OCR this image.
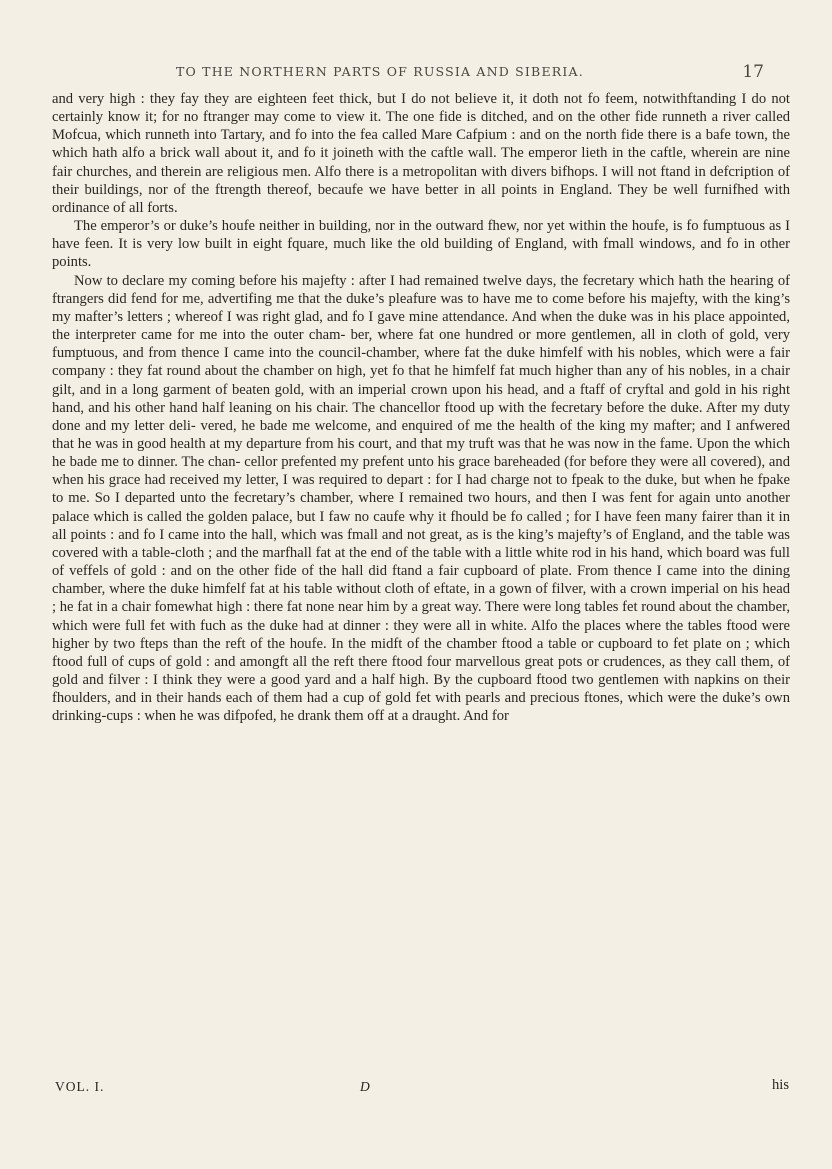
TO THE NORTHERN PARTS OF RUSSIA AND SIBERIA.	17

and very high : they fay they are eighteen feet thick, but I do not believe it, it doth not fo feem, notwithftanding I do not certainly know it; for no ftranger may come to view it. The one fide is ditched, and on the other fide runneth a river called Mofcua, which runneth into Tartary, and fo into the fea called Mare Cafpium : and on the north fide there is a bafe town, the which hath alfo a brick wall about it, and fo it joineth with the caftle wall. The emperor lieth in the caftle, wherein are nine fair churches, and therein are religious men. Alfo there is a metropolitan with divers bifhops. I will not ftand in defcription of their buildings, nor of the ftrength thereof, becaufe we have better in all points in England. They be well furnifhed with ordinance of all forts.

The emperor’s or duke’s houfe neither in building, nor in the outward fhew, nor yet within the houfe, is fo fumptuous as I have feen. It is very low built in eight fquare, much like the old building of England, with fmall windows, and fo in other points.

Now to declare my coming before his majefty : after I had remained twelve days, the fecretary which hath the hearing of ftrangers did fend for me, advertifing me that the duke’s pleafure was to have me to come before his majefty, with the king’s my mafter’s letters ; whereof I was right glad, and fo I gave mine attendance. And when the duke was in his place appointed, the interpreter came for me into the outer cham- ber, where fat one hundred or more gentlemen, all in cloth of gold, very fumptuous, and from thence I came into the council-chamber, where fat the duke himfelf with his nobles, which were a fair company : they fat round about the chamber on high, yet fo that he himfelf fat much higher than any of his nobles, in a chair gilt, and in a long garment of beaten gold, with an imperial crown upon his head, and a ftaff of cryftal and gold in his right hand, and his other hand half leaning on his chair. The chancellor ftood up with the fecretary before the duke. After my duty done and my letter deli- vered, he bade me welcome, and enquired of me the health of the king my mafter; and I anfwered that he was in good health at my departure from his court, and that my truft was that he was now in the fame. Upon the which he bade me to dinner. The chan- cellor prefented my prefent unto his grace bareheaded (for before they were all covered), and when his grace had received my letter, I was required to depart : for I had charge not to fpeak to the duke, but when he fpake to me. So I departed unto the fecretary’s chamber, where I remained two hours, and then I was fent for again unto another palace which is called the golden palace, but I faw no caufe why it fhould be fo called ; for I have feen many fairer than it in all points : and fo I came into the hall, which was fmall and not great, as is the king’s majefty’s of England, and the table was covered with a table-cloth ; and the marfhall fat at the end of the table with a little white rod in his hand, which board was full of veffels of gold : and on the other fide of the hall did ftand a fair cupboard of plate. From thence I came into the dining chamber, where the duke himfelf fat at his table without cloth of eftate, in a gown of filver, with a crown imperial on his head ; he fat in a chair fomewhat high : there fat none near him by a great way. There were long tables fet round about the chamber, which were full fet with fuch as the duke had at dinner : they were all in white. Alfo the places where the tables ftood were higher by two fteps than the reft of the houfe. In the midft of the chamber ftood a table or cupboard to fet plate on ; which ftood full of cups of gold : and amongft all the reft there ftood four marvellous great pots or crudences, as they call them, of gold and filver : I think they were a good yard and a half high. By the cupboard ftood two gentlemen with napkins on their fhoulders, and in their hands each of them had a cup of gold fet with pearls and precious ftones, which were the duke’s own drinking-cups : when he was difpofed, he drank them off at a draught. And for

VOL. I.	D	his
